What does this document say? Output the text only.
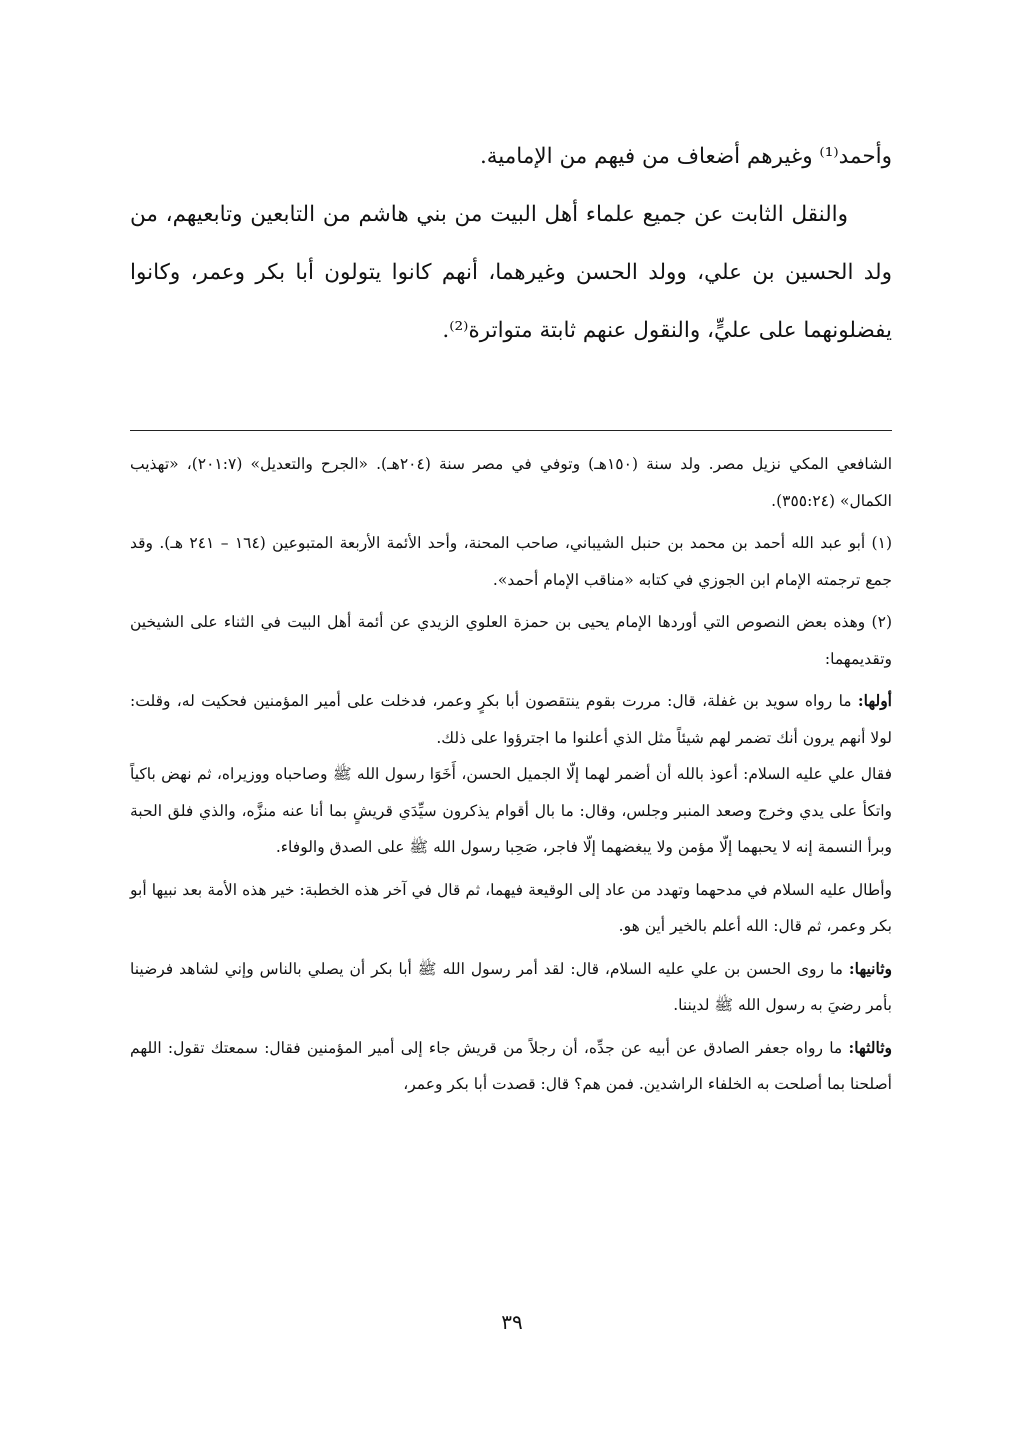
وأحمد⁽¹⁾ وغيرهم أضعاف من فيهم من الإمامية.

والنقل الثابت عن جميع علماء أهل البيت من بني هاشم من التابعين وتابعيهم، من ولد الحسين بن علي، وولد الحسن وغيرهما، أنهم كانوا يتولون أبا بكر وعمر، وكانوا يفضلونهما على عليٍّ، والنقول عنهم ثابتة متواترة⁽²⁾.

الشافعي المكي نزيل مصر. ولد سنة (١٥٠هـ) وتوفي في مصر سنة (٢٠٤هـ). «الجرح والتعديل» (٢٠١:٧)، «تهذيب الكمال» (٣٥٥:٢٤).

(١) أبو عبد الله أحمد بن محمد بن حنبل الشيباني، صاحب المحنة، وأحد الأئمة الأربعة المتبوعين (١٦٤ – ٢٤١ هـ). وقد جمع ترجمته الإمام ابن الجوزي في كتابه «مناقب الإمام أحمد».

(٢) وهذه بعض النصوص التي أوردها الإمام يحيى بن حمزة العلوي الزيدي عن أئمة أهل البيت في الثناء على الشيخين وتقديمهما:

أولها: ما رواه سويد بن غفلة، قال: مررت بقوم ينتقصون أبا بكرٍ وعمر، فدخلت على أمير المؤمنين فحكيت له، وقلت: لولا أنهم يرون أنك تضمر لهم شيئاً مثل الذي أعلنوا ما اجترؤوا على ذلك.

فقال علي عليه السلام: أعوذ بالله أن أضمر لهما إلّا الجميل الحسن، أَخَوَا رسول الله ﷺ وصاحباه ووزيراه، ثم نهض باكياً واتكأ على يدي وخرج وصعد المنبر وجلس، وقال: ما بال أقوام يذكرون سيِّدَي قريشٍ بما أنا عنه منزَّه، والذي فلق الحبة وبرأ النسمة إنه لا يحبهما إلّا مؤمن ولا يبغضهما إلّا فاجر، صَحِبا رسول الله ﷺ على الصدق والوفاء.

وأطال عليه السلام في مدحهما وتهدد من عاد إلى الوقيعة فيهما، ثم قال في آخر هذه الخطبة: خير هذه الأمة بعد نبيها أبو بكر وعمر، ثم قال: الله أعلم بالخير أين هو.

وثانيها: ما روى الحسن بن علي عليه السلام، قال: لقد أمر رسول الله ﷺ أبا بكر أن يصلي بالناس وإني لشاهد فرضينا بأمر رضيَ به رسول الله ﷺ لديننا.

وثالثها: ما رواه جعفر الصادق عن أبيه عن جدِّه، أن رجلاً من قريش جاء إلى أمير المؤمنين فقال: سمعتك تقول: اللهم أصلحنا بما أصلحت به الخلفاء الراشدين. فمن هم؟ قال: قصدت أبا بكر وعمر،

٣٩
